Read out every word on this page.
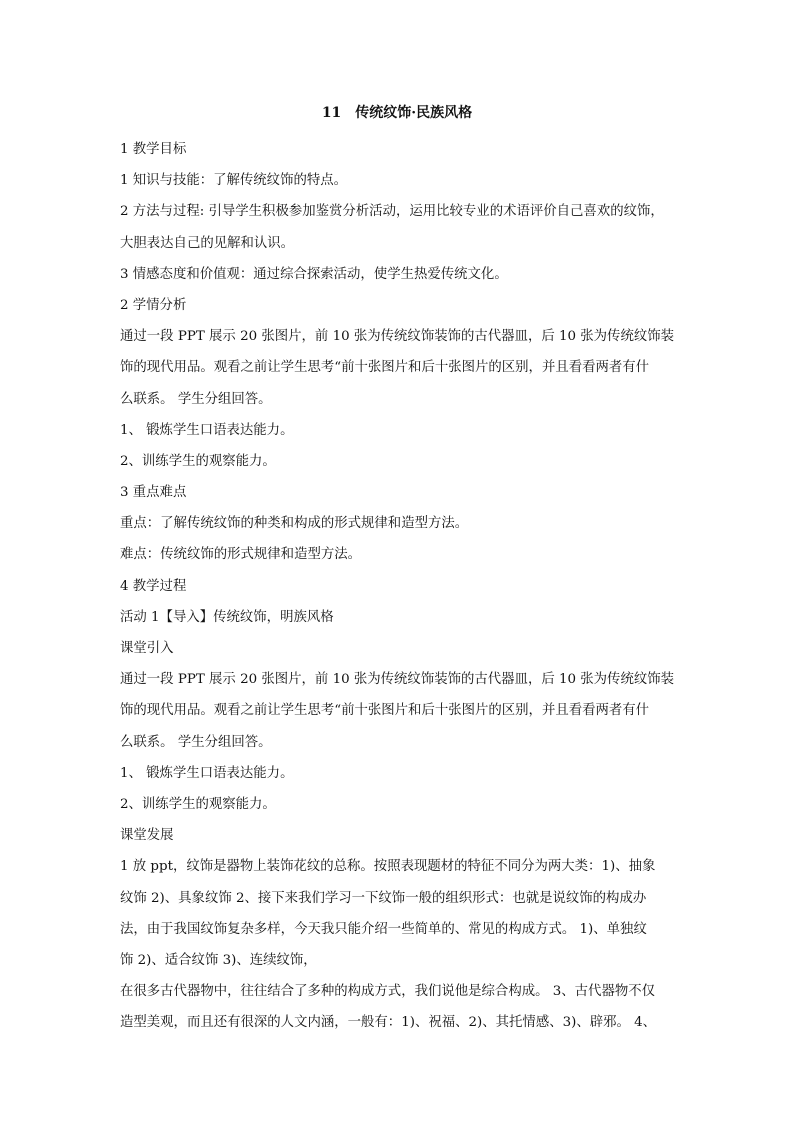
11 传统纹饰·民族风格
1 教学目标
1 知识与技能：了解传统纹饰的特点。
2 方法与过程: 引导学生积极参加鉴赏分析活动，运用比较专业的术语评价自己喜欢的纹饰，
大胆表达自己的见解和认识。
3 情感态度和价值观：通过综合探索活动，使学生热爱传统文化。
2 学情分析
通过一段 PPT 展示 20 张图片，前 10 张为传统纹饰装饰的古代器皿，后 10 张为传统纹饰装
饰的现代用品。观看之前让学生思考“前十张图片和后十张图片的区别，并且看看两者有什
么联系。 学生分组回答。
1、 锻炼学生口语表达能力。
2、训练学生的观察能力。
3 重点难点
重点：了解传统纹饰的种类和构成的形式规律和造型方法。
难点：传统纹饰的形式规律和造型方法。
4 教学过程
活动 1【导入】传统纹饰，明族风格
课堂引入
通过一段 PPT 展示 20 张图片，前 10 张为传统纹饰装饰的古代器皿，后 10 张为传统纹饰装
饰的现代用品。观看之前让学生思考“前十张图片和后十张图片的区别，并且看看两者有什
么联系。 学生分组回答。
1、 锻炼学生口语表达能力。
2、训练学生的观察能力。
课堂发展
1 放 ppt，纹饰是器物上装饰花纹的总称。按照表现题材的特征不同分为两大类：1)、抽象
纹饰 2)、具象纹饰 2、接下来我们学习一下纹饰一般的组织形式：也就是说纹饰的构成办
法，由于我国纹饰复杂多样，今天我只能介绍一些简单的、常见的构成方式。 1)、单独纹
饰 2)、适合纹饰 3)、连续纹饰，
在很多古代器物中，往往结合了多种的构成方式，我们说他是综合构成。 3、古代器物不仅
造型美观，而且还有很深的人文内涵，一般有：1)、祝福、2)、其托情感、3)、辟邪。 4、
